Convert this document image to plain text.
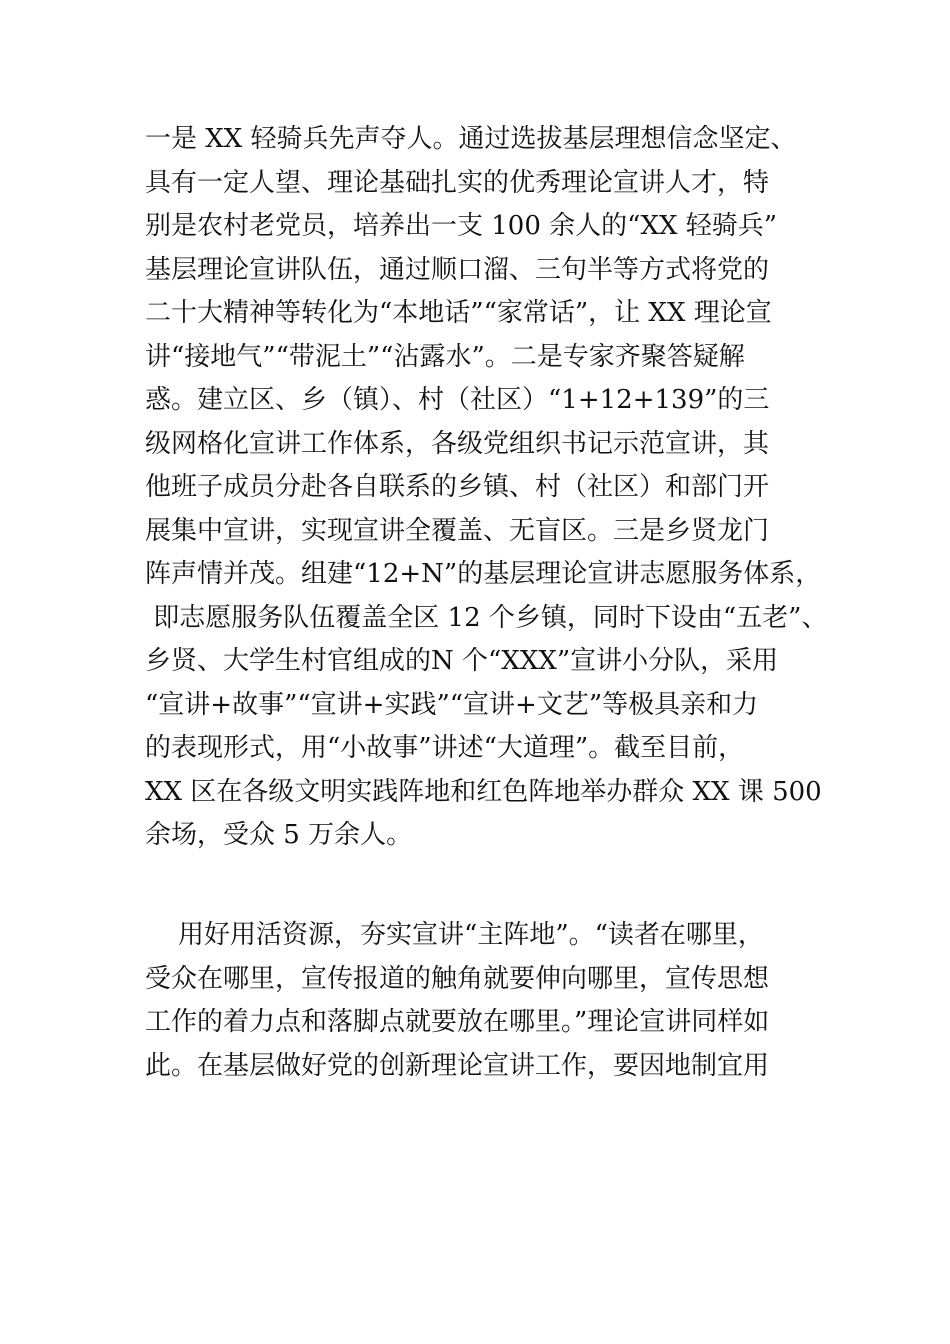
一是 XX 轻骑兵先声夺人。通过选拔基层理想信念坚定、
具有一定人望、理论基础扎实的优秀理论宣讲人才，特
别是农村老党员，培养出一支 100 余人的“XX 轻骑兵”
基层理论宣讲队伍，通过顺口溜、三句半等方式将党的
二十大精神等转化为“本地话”“家常话”，让 XX 理论宣
讲“接地气”“带泥土”“沾露水”。二是专家齐聚答疑解
惑。建立区、乡（镇）、村（社区）“1+12+139”的三
级网格化宣讲工作体系，各级党组织书记示范宣讲，其
他班子成员分赴各自联系的乡镇、村（社区）和部门开
展集中宣讲，实现宣讲全覆盖、无盲区。三是乡贤龙门
阵声情并茂。组建“12+N”的基层理论宣讲志愿服务体系，
即志愿服务队伍覆盖全区 12 个乡镇，同时下设由“五老”、
乡贤、大学生村官组成的N 个“XXX”宣讲小分队，采用
“宣讲+故事”“宣讲+实践”“宣讲+文艺”等极具亲和力
的表现形式，用“小故事”讲述“大道理”。截至目前，
XX 区在各级文明实践阵地和红色阵地举办群众 XX 课 500
余场，受众 5 万余人。
用好用活资源，夯实宣讲“主阵地”。“读者在哪里，
受众在哪里，宣传报道的触角就要伸向哪里，宣传思想
工作的着力点和落脚点就要放在哪里。”理论宣讲同样如
此。在基层做好党的创新理论宣讲工作，要因地制宜用
